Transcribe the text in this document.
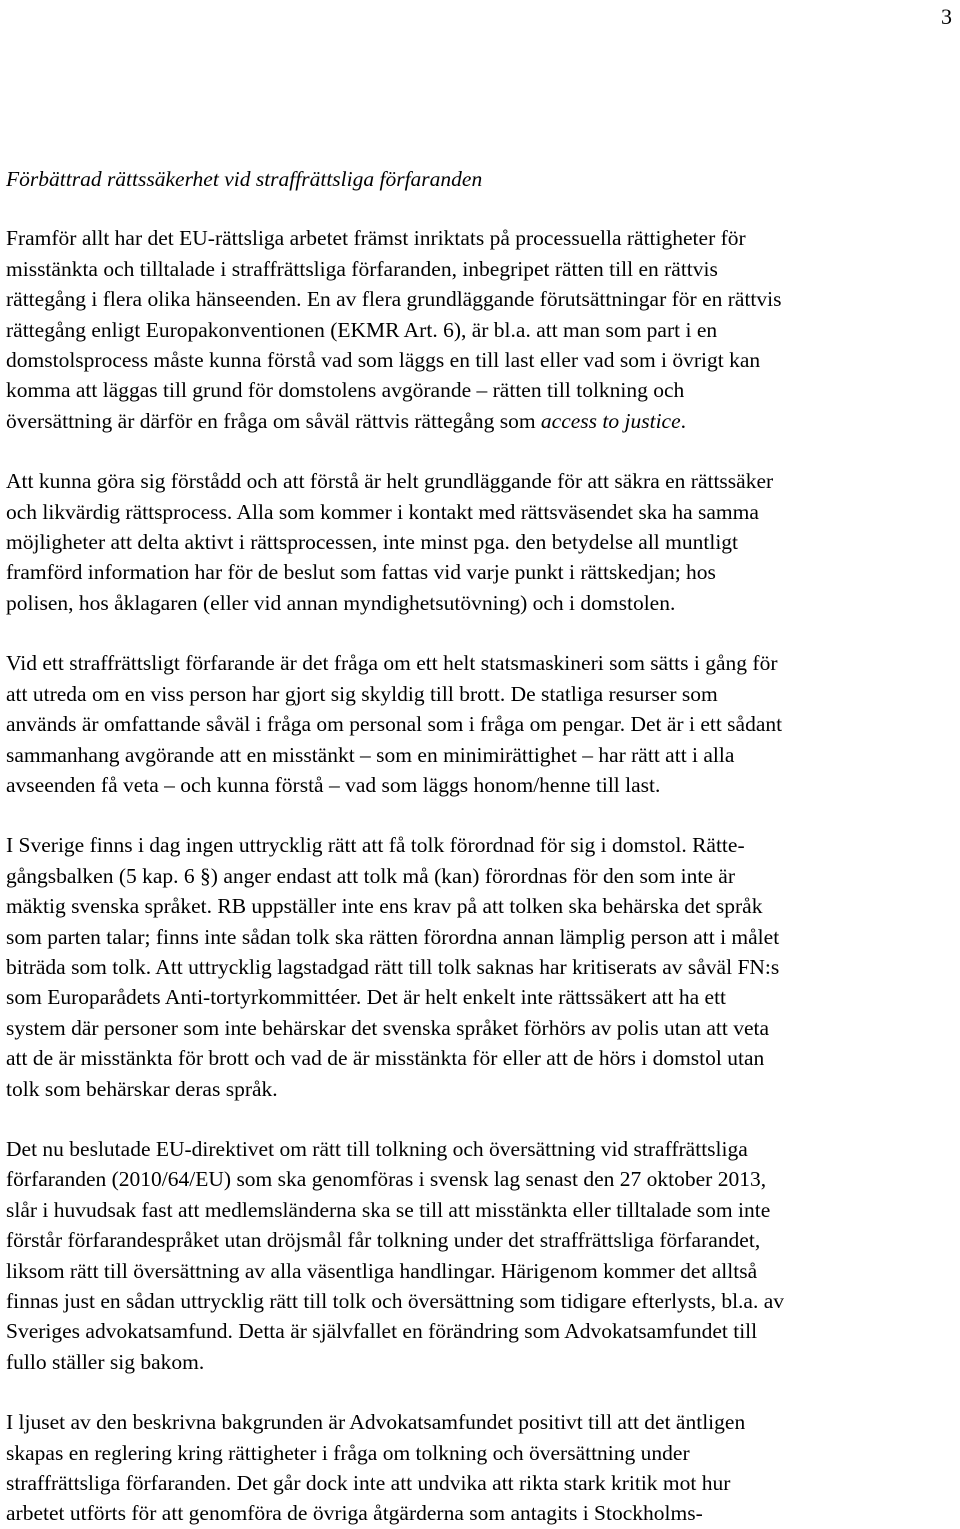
3
Förbättrad rättssäkerhet vid straffrättsliga förfaranden
Framför allt har det EU-rättsliga arbetet främst inriktats på processuella rättigheter för
misstänkta och tilltalade i straffrättsliga förfaranden, inbegripet rätten till en rättvis
rättegång i flera olika hänseenden. En av flera grundläggande förutsättningar för en rättvis
rättegång enligt Europakonventionen (EKMR Art. 6), är bl.a. att man som part i en
domstolsprocess måste kunna förstå vad som läggs en till last eller vad som i övrigt kan
komma att läggas till grund för domstolens avgörande – rätten till tolkning och
översättning är därför en fråga om såväl rättvis rättegång som access to justice.
Att kunna göra sig förstådd och att förstå är helt grundläggande för att säkra en rättssäker
och likvärdig rättsprocess. Alla som kommer i kontakt med rättsväsendet ska ha samma
möjligheter att delta aktivt i rättsprocessen, inte minst pga. den betydelse all muntligt
framförd information har för de beslut som fattas vid varje punkt i rättskedjan; hos
polisen, hos åklagaren (eller vid annan myndighetsutövning) och i domstolen.
Vid ett straffrättsligt förfarande är det fråga om ett helt statsmaskineri som sätts i gång för
att utreda om en viss person har gjort sig skyldig till brott. De statliga resurser som
används är omfattande såväl i fråga om personal som i fråga om pengar. Det är i ett sådant
sammanhang avgörande att en misstänkt – som en minimirättighet – har rätt att i alla
avseenden få veta – och kunna förstå – vad som läggs honom/henne till last.
I Sverige finns i dag ingen uttrycklig rätt att få tolk förordnad för sig i domstol. Rätte-
gångsbalken (5 kap. 6 §) anger endast att tolk må (kan) förordnas för den som inte är
mäktig svenska språket. RB uppställer inte ens krav på att tolken ska behärska det språk
som parten talar; finns inte sådan tolk ska rätten förordna annan lämplig person att i målet
biträda som tolk. Att uttrycklig lagstadgad rätt till tolk saknas har kritiserats av såväl FN:s
som Europarådets Anti-tortyrkommittéer. Det är helt enkelt inte rättssäkert att ha ett
system där personer som inte behärskar det svenska språket förhörs av polis utan att veta
att de är misstänkta för brott och vad de är misstänkta för eller att de hörs i domstol utan
tolk som behärskar deras språk.
Det nu beslutade EU-direktivet om rätt till tolkning och översättning vid straffrättsliga
förfaranden (2010/64/EU) som ska genomföras i svensk lag senast den 27 oktober 2013,
slår i huvudsak fast att medlemsländerna ska se till att misstänkta eller tilltalade som inte
förstår förfarandespråket utan dröjsmål får tolkning under det straffrättsliga förfarandet,
liksom rätt till översättning av alla väsentliga handlingar. Härigenom kommer det alltså
finnas just en sådan uttrycklig rätt till tolk och översättning som tidigare efterlysts, bl.a. av
Sveriges advokatsamfund. Detta är självfallet en förändring som Advokatsamfundet till
fullo ställer sig bakom.
I ljuset av den beskrivna bakgrunden är Advokatsamfundet positivt till att det äntligen
skapas en reglering kring rättigheter i fråga om tolkning och översättning under
straffrättsliga förfaranden. Det går dock inte att undvika att rikta stark kritik mot hur
arbetet utförts för att genomföra de övriga åtgärderna som antagits i Stockholms-
